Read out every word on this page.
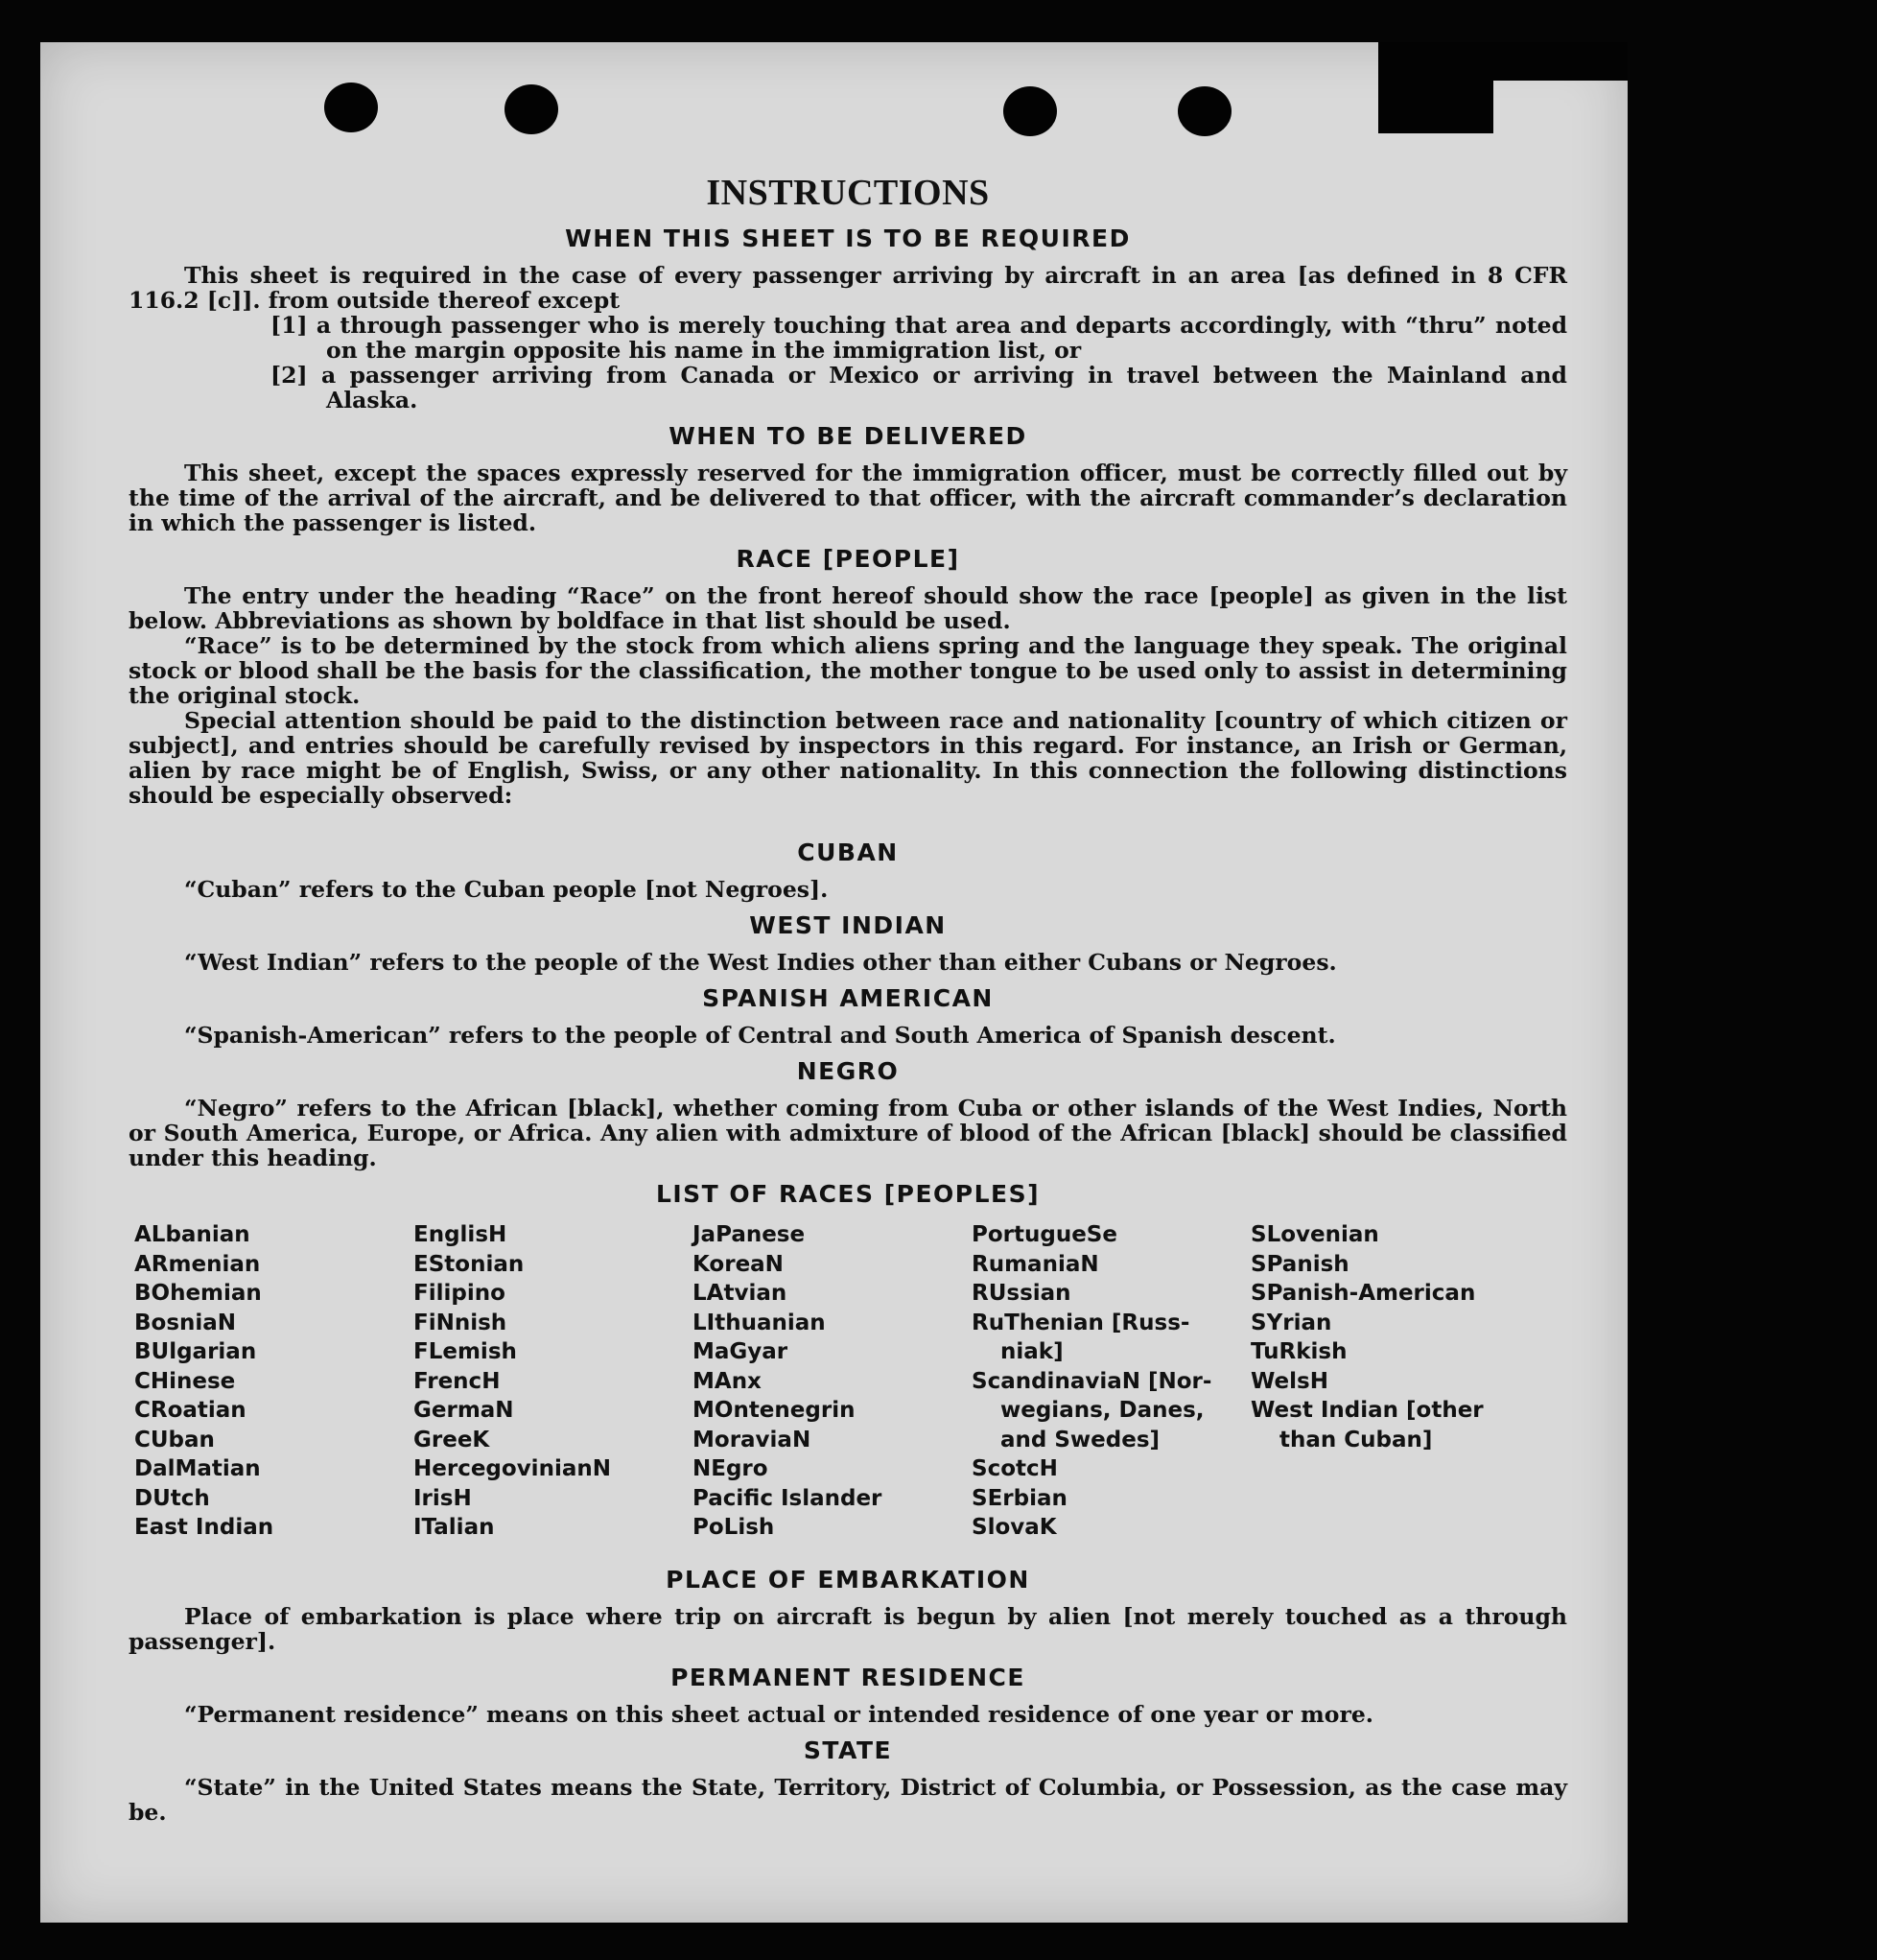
INSTRUCTIONS
WHEN THIS SHEET IS TO BE REQUIRED

This sheet is required in the case of every passenger arriving by aircraft in an area [as defined in 8 CFR 116.2 [c]]. from outside thereof except

[1] a through passenger who is merely touching that area and departs accordingly, with “thru” noted on the margin opposite his name in the immigration list, or

[2] a passenger arriving from Canada or Mexico or arriving in travel between the Mainland and Alaska.

WHEN TO BE DELIVERED

This sheet, except the spaces expressly reserved for the immigration officer, must be correctly filled out by the time of the arrival of the aircraft, and be delivered to that officer, with the aircraft commander’s declaration in which the passenger is listed.

RACE [PEOPLE]

The entry under the heading “Race” on the front hereof should show the race [people] as given in the list below. Abbreviations as shown by boldface in that list should be used.

“Race” is to be determined by the stock from which aliens spring and the language they speak. The original stock or blood shall be the basis for the classification, the mother tongue to be used only to assist in determining the original stock.

Special attention should be paid to the distinction between race and nationality [country of which citizen or subject], and entries should be carefully revised by inspectors in this regard. For instance, an Irish or German, alien by race might be of English, Swiss, or any other nationality. In this connection the following distinctions should be especially observed:

CUBAN

“Cuban” refers to the Cuban people [not Negroes].

WEST INDIAN

“West Indian” refers to the people of the West Indies other than either Cubans or Negroes.

SPANISH AMERICAN

“Spanish-American” refers to the people of Central and South America of Spanish descent.

NEGRO

“Negro” refers to the African [black], whether coming from Cuba or other islands of the West Indies, North or South America, Europe, or Africa. Any alien with admixture of blood of the African [black] should be classified under this heading.

LIST OF RACES [PEOPLES]
ALbanian
ARmenian
BOhemian
BosniaN
BUlgarian
CHinese
CRoatian
CUban
DalMatian
DUtch
East Indian
EnglisH
EStonian
Filipino
FiNnish
FLemish
FrencH
GermaN
GreeK
HercegovinianN
IrisH
ITalian
JaPanese
KoreaN
LAtvian
LIthuanian
MaGyar
MAnx
MOntenegrin
MoraviaN
NEgro
Pacific Islander
PoLish
PortugueSe
RumaniaN
RUssian
RuThenian [Russ-
niak]
ScandinaviaN [Nor-
wegians, Danes,
and Swedes]
ScotcH
SErbian
SlovaK
SLovenian
SPanish
SPanish-American
SYrian
TuRkish
WelsH
West Indian [other
than Cuban]
PLACE OF EMBARKATION

Place of embarkation is place where trip on aircraft is begun by alien [not merely touched as a through passenger].

PERMANENT RESIDENCE

“Permanent residence” means on this sheet actual or intended residence of one year or more.

STATE

“State” in the United States means the State, Territory, District of Columbia, or Possession, as the case may be.
